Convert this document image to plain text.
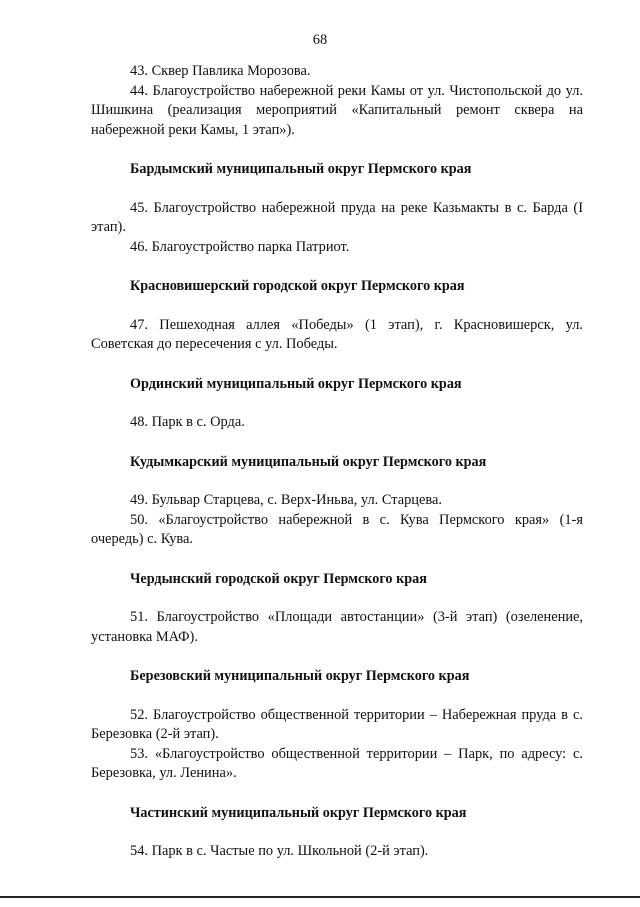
68

43. Сквер Павлика Морозова.

44. Благоустройство набережной реки Камы от ул. Чистопольской до ул. Шишкина (реализация мероприятий «Капитальный ремонт сквера на набережной реки Камы, 1 этап»).

Бардымский муниципальный округ Пермского края

45. Благоустройство набережной пруда на реке Казьмакты в с. Барда (I этап).

46. Благоустройство парка Патриот.

Красновишерский городской округ Пермского края

47. Пешеходная аллея «Победы» (1 этап), г. Красновишерск, ул. Советская до пересечения с ул. Победы.

Ординский муниципальный округ Пермского края

48. Парк в с. Орда.

Кудымкарский муниципальный округ Пермского края

49. Бульвар Старцева, с. Верх-Иньва, ул. Старцева.

50. «Благоустройство набережной в с. Кува Пермского края» (1-я очередь) с. Кува.

Чердынский городской округ Пермского края

51. Благоустройство «Площади автостанции» (3-й этап) (озеленение, установка МАФ).

Березовский муниципальный округ Пермского края

52. Благоустройство общественной территории – Набережная пруда в с. Березовка (2-й этап).

53. «Благоустройство общественной территории – Парк, по адресу: с. Березовка, ул. Ленина».

Частинский муниципальный округ Пермского края

54. Парк в с. Частые по ул. Школьной (2-й этап).
